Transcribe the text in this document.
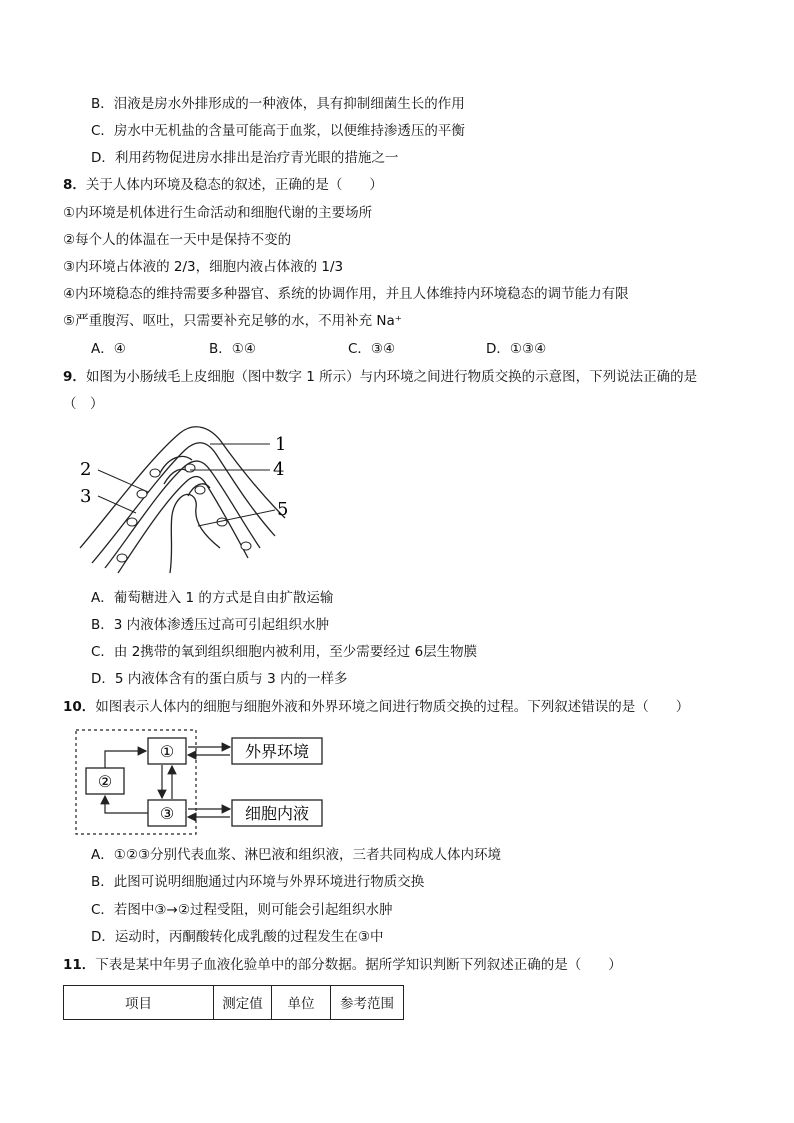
B．泪液是房水外排形成的一种液体，具有抑制细菌生长的作用
C．房水中无机盐的含量可能高于血浆，以便维持渗透压的平衡
D．利用药物促进房水排出是治疗青光眼的措施之一
8．关于人体内环境及稳态的叙述，正确的是（　　）
①内环境是机体进行生命活动和细胞代谢的主要场所
②每个人的体温在一天中是保持不变的
③内环境占体液的 2/3，细胞内液占体液的 1/3
④内环境稳态的维持需要多种器官、系统的协调作用，并且人体维持内环境稳态的调节能力有限
⑤严重腹泻、呕吐，只需要补充足够的水，不用补充 Na⁺
A．④	B．①④	C．③④	D．①③④
9．如图为小肠绒毛上皮细胞（图中数字 1 所示）与内环境之间进行物质交换的示意图，下列说法正确的是
（　）
1
2
3
4
5
A．葡萄糖进入 1 的方式是自由扩散运输
B．3 内液体渗透压过高可引起组织水肿
C．由 2携带的氧到组织细胞内被利用，至少需要经过 6层生物膜
D．5 内液体含有的蛋白质与 3 内的一样多
10．如图表示人体内的细胞与细胞外液和外界环境之间进行物质交换的过程。下列叙述错误的是（　　）
①
②
③
外界环境
细胞内液
A．①②③分别代表血浆、淋巴液和组织液，三者共同构成人体内环境
B．此图可说明细胞通过内环境与外界环境进行物质交换
C．若图中③→②过程受阻，则可能会引起组织水肿
D．运动时，丙酮酸转化成乳酸的过程发生在③中
11．下表是某中年男子血液化验单中的部分数据。据所学知识判断下列叙述正确的是（　　）
项目	测定值	单位	参考范围
